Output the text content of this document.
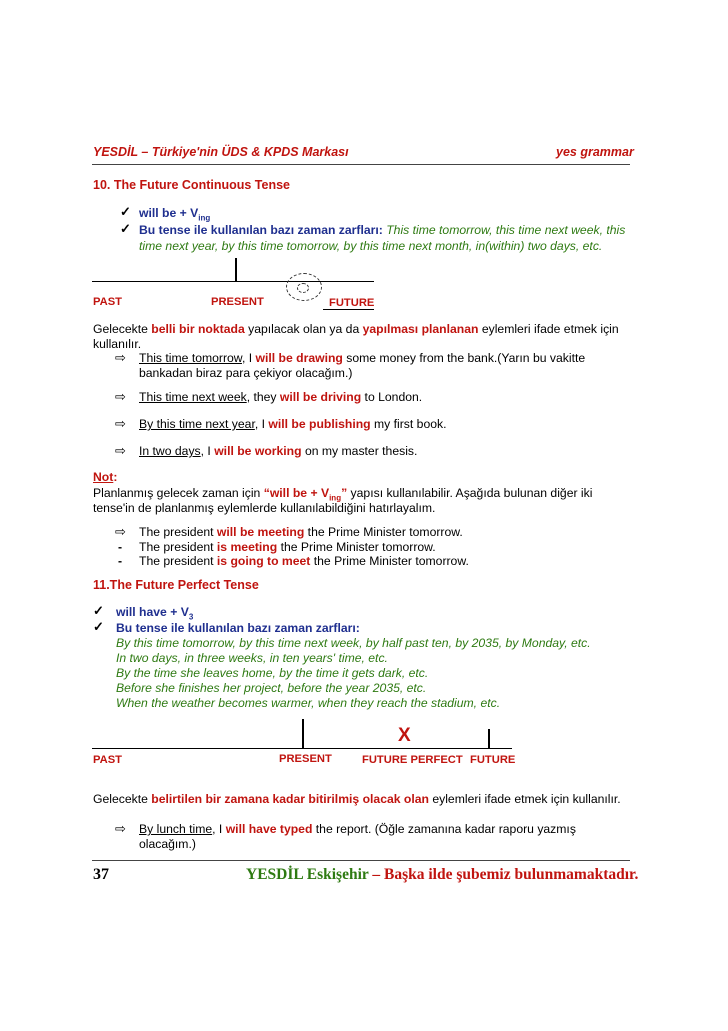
YESDİL – Türkiye'nin ÜDS & KPDS Markası	yes grammar
10. The Future Continuous Tense
✓ will be + $V_{ing}$
✓ Bu tense ile kullanılan bazı zaman zarfları: This time tomorrow, this time next week, this
time next year, by this time tomorrow, by this time next month, in(within) two days, etc.
PAST	PRESENT	FUTURE
Gelecekte belli bir noktada yapılacak olan ya da yapılması planlanan eylemleri ifade etmek için
kullanılır.
⇨ This time tomorrow, I will be drawing some money from the bank.(Yarın bu vakitte
bankadan biraz para çekiyor olacağım.)
⇨ This time next week, they will be driving to London.
⇨ By this time next year, I will be publishing my first book.
⇨ In two days, I will be working on my master thesis.
Not:
Planlanmış gelecek zaman için “will be + $V_{ing}$” yapısı kullanılabilir. Aşağıda bulunan diğer iki
tense'in de planlanmış eylemlerde kullanılabildiğini hatırlayalım.
⇨ The president will be meeting the Prime Minister tomorrow.
- The president is meeting the Prime Minister tomorrow.
- The president is going to meet the Prime Minister tomorrow.
11.The Future Perfect Tense
✓ will have + $V_3$
✓ Bu tense ile kullanılan bazı zaman zarfları:
By this time tomorrow, by this time next week, by half past ten, by 2035, by Monday, etc.
In two days, in three weeks, in ten years' time, etc.
By the time she leaves home, by the time it gets dark, etc.
Before she finishes her project, before the year 2035, etc.
When the weather becomes warmer, when they reach the stadium, etc.
X
PAST	PRESENT	FUTURE PERFECT FUTURE
Gelecekte belirtilen bir zamana kadar bitirilmiş olacak olan eylemleri ifade etmek için kullanılır.
⇨ By lunch time, I will have typed the report. (Öğle zamanına kadar raporu yazmış
olacağım.)
37	YESDİL Eskişehir – Başka ilde şubemiz bulunmamaktadır.
